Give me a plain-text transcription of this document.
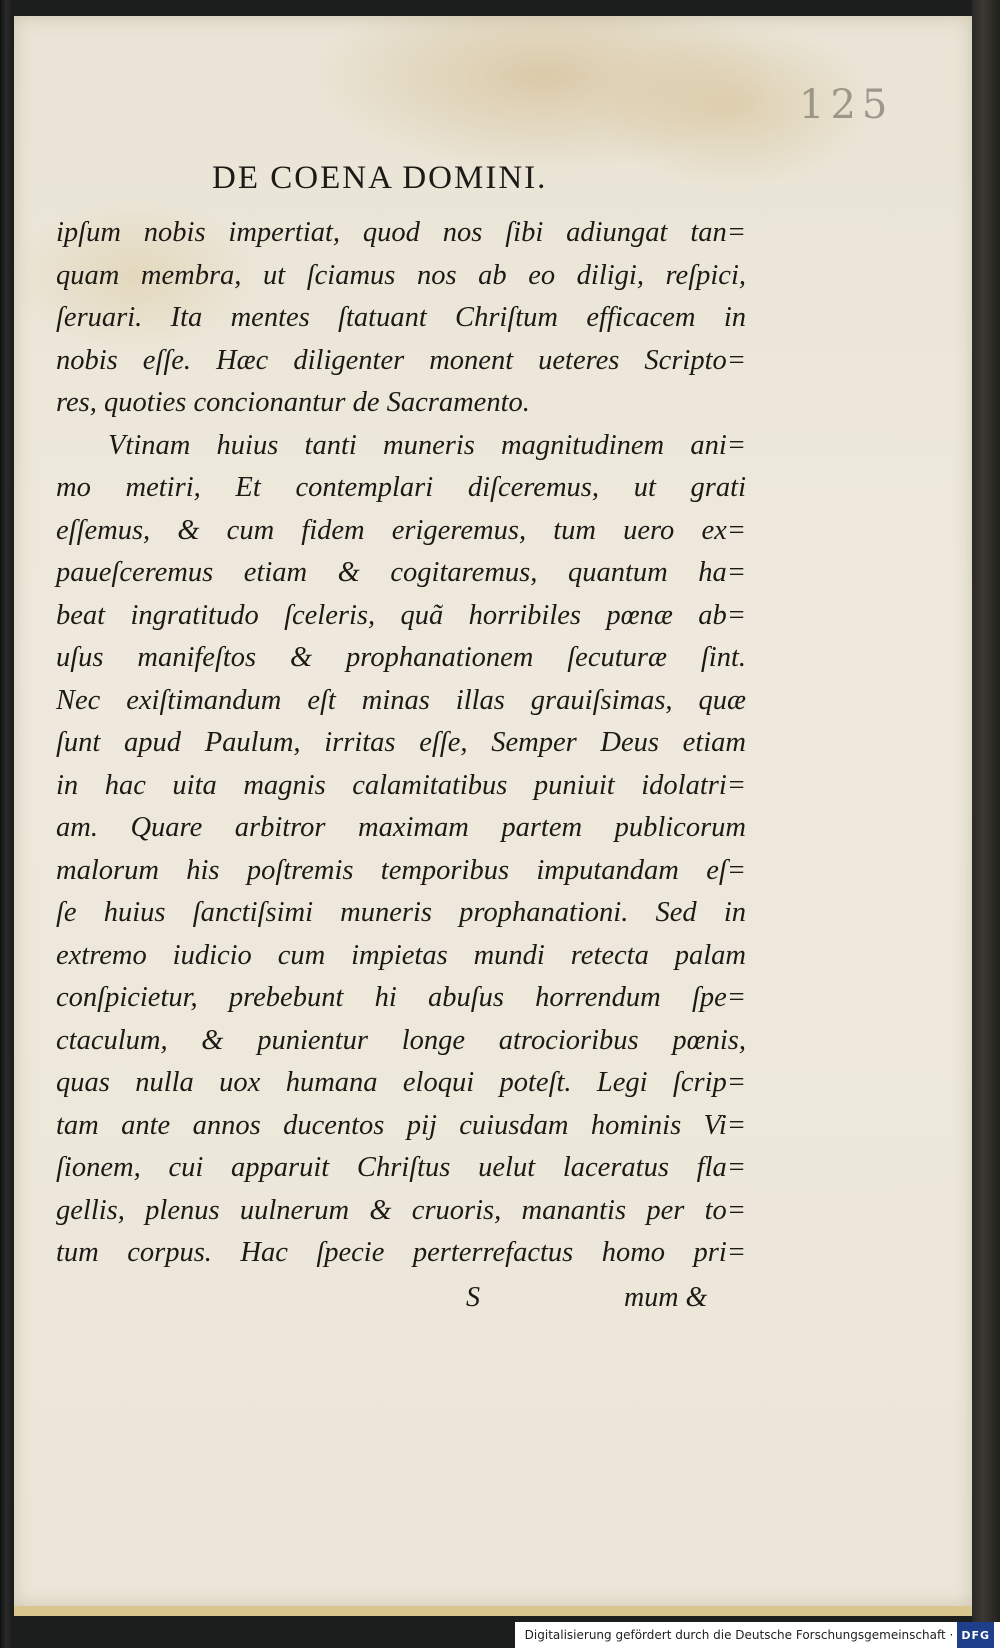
125
DE COENA DOMINI.
ipſum nobis impertiat, quod nos ſibi adiungat tan=
quam membra, ut ſciamus nos ab eo diligi, reſpici,
ſeruari. Ita mentes ſtatuant Chriſtum efficacem in
nobis eſſe. Hæc diligenter monent ueteres Scripto=
res, quoties concionantur de Sacramento.
Vtinam huius tanti muneris magnitudinem ani=
mo metiri, Et contemplari diſceremus, ut grati
eſſemus, & cum fidem erigeremus, tum uero ex=
paueſceremus etiam & cogitaremus, quantum ha=
beat ingratitudo ſceleris, quã horribiles pœnæ ab=
uſus manifeſtos & prophanationem ſecuturæ ſint.
Nec exiſtimandum eſt minas illas grauiſsimas, quæ
ſunt apud Paulum, irritas eſſe, Semper Deus etiam
in hac uita magnis calamitatibus puniuit idolatri=
am. Quare arbitror maximam partem publicorum
malorum his poſtremis temporibus imputandam eſ=
ſe huius ſanctiſsimi muneris prophanationi. Sed in
extremo iudicio cum impietas mundi retecta palam
conſpicietur, prebebunt hi abuſus horrendum ſpe=
ctaculum, & punientur longe atrocioribus pœnis,
quas nulla uox humana eloqui poteſt. Legi ſcrip=
tam ante annos ducentos pij cuiusdam hominis Vi=
ſionem, cui apparuit Chriſtus uelut laceratus fla=
gellis, plenus uulnerum & cruoris, manantis per to=
tum corpus. Hac ſpecie perterrefactus homo pri=
S	mum &
Digitalisierung gefördert durch die Deutsche Forschungsgemeinschaft · DFG
